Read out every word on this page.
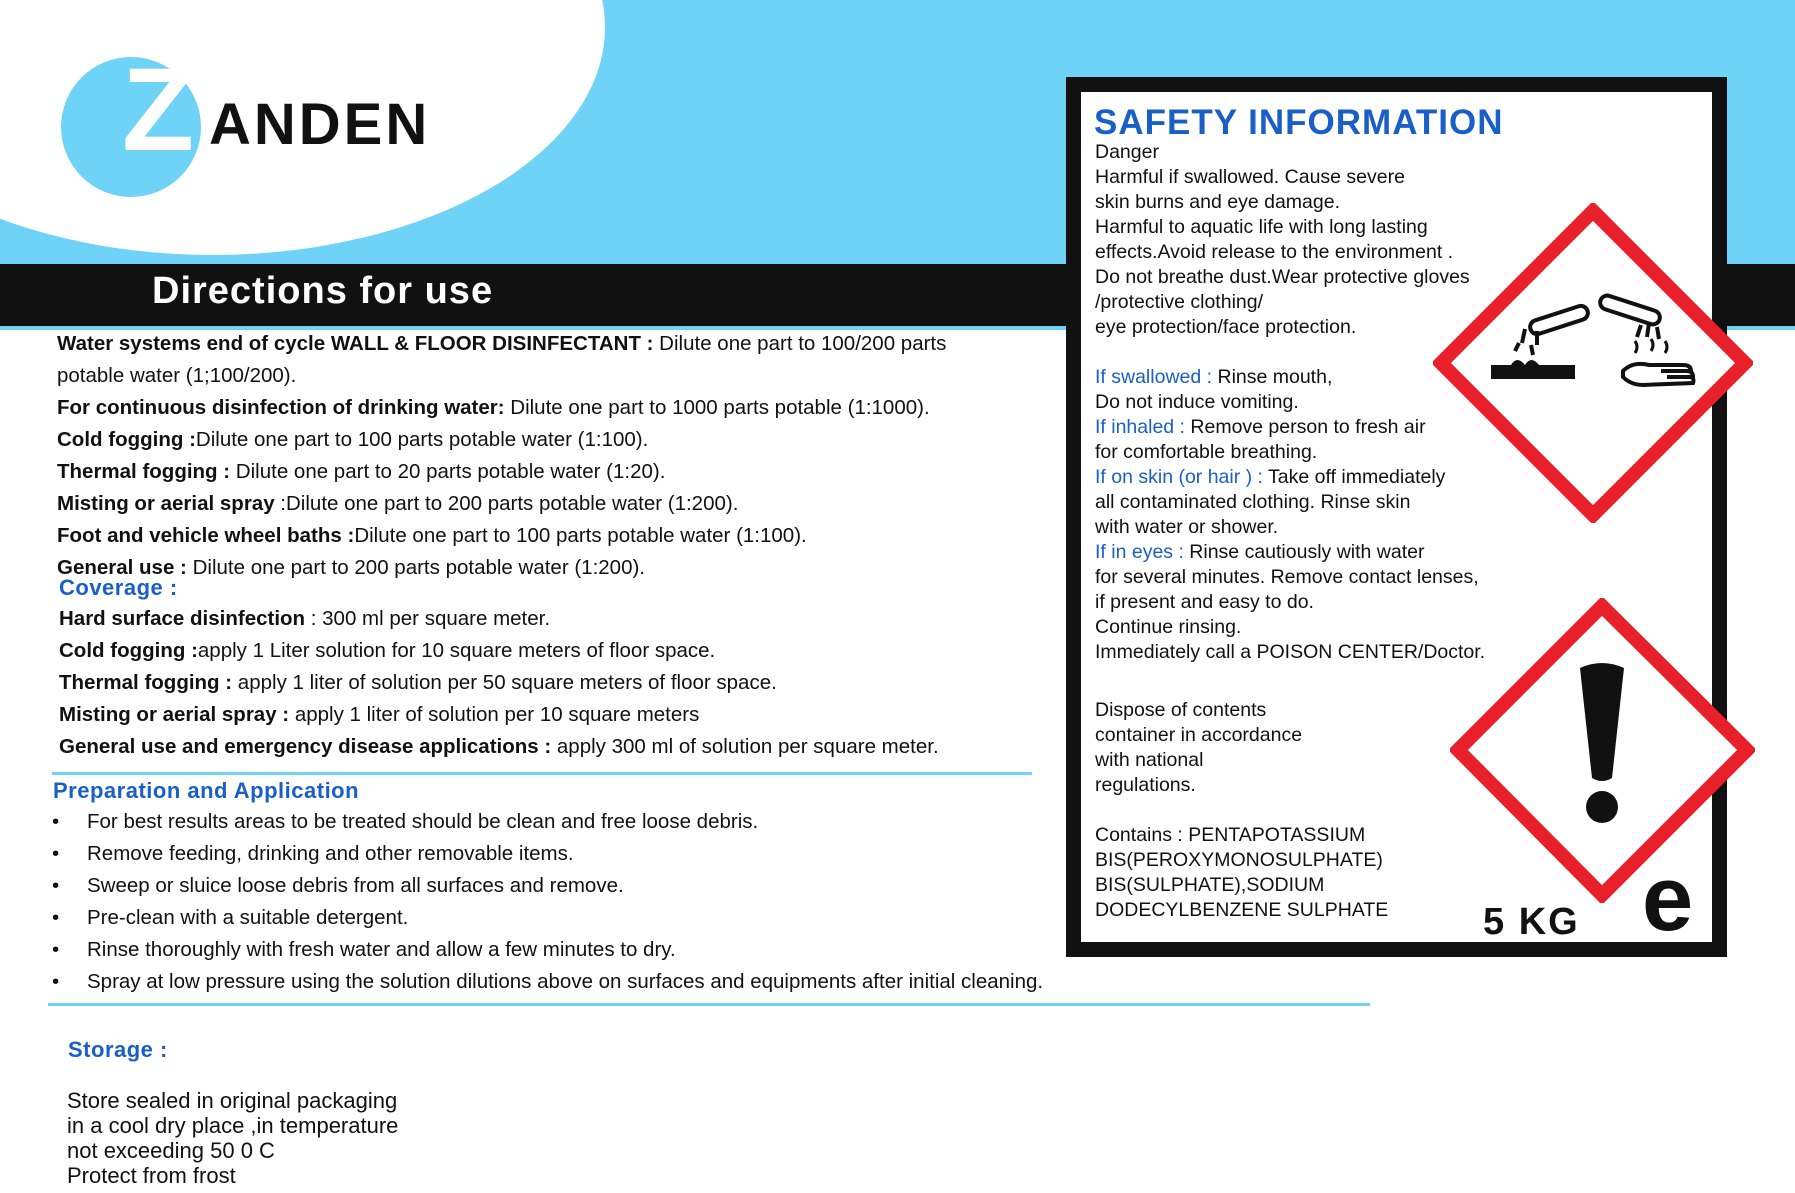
Z ANDEN
Directions for use
Water systems end of cycle WALL & FLOOR DISINFECTANT : Dilute one part to 100/200 parts
potable water (1;100/200).
For continuous disinfection of drinking water: Dilute one part to 1000 parts potable (1:1000).
Cold fogging :Dilute one part to 100 parts potable water (1:100).
Thermal fogging : Dilute one part to 20 parts potable water (1:20).
Misting or aerial spray :Dilute one part to 200 parts potable water (1:200).
Foot and vehicle wheel baths :Dilute one part to 100 parts potable water (1:100).
General use : Dilute one part to 200 parts potable water (1:200).
Coverage :
Hard surface disinfection : 300 ml per square meter.
Cold fogging :apply 1 Liter solution for 10 square meters of floor space.
Thermal fogging : apply 1 liter of solution per 50 square meters of floor space.
Misting or aerial spray : apply 1 liter of solution per 10 square meters
General use and emergency disease applications : apply 300 ml of solution per square meter.
Preparation and Application
• For best results areas to be treated should be clean and free loose debris.
• Remove feeding, drinking and other removable items.
• Sweep or sluice loose debris from all surfaces and remove.
• Pre-clean with a suitable detergent.
• Rinse thoroughly with fresh water and allow a few minutes to dry.
• Spray at low pressure using the solution dilutions above on surfaces and equipments after initial cleaning.
Storage :
Store sealed in original packaging
in a cool dry place ,in temperature
not exceeding 50 0 C
Protect from frost
SAFETY INFORMATION
Danger
Harmful if swallowed. Cause severe
skin burns and eye damage.
Harmful to aquatic life with long lasting
effects.Avoid release to the environment .
Do not breathe dust.Wear protective gloves
/protective clothing/
eye protection/face protection.
If swallowed : Rinse mouth,
Do not induce vomiting.
If inhaled : Remove person to fresh air
for comfortable breathing.
If on skin (or hair ) : Take off immediately
all contaminated clothing. Rinse skin
with water or shower.
If in eyes : Rinse cautiously with water
for several minutes. Remove contact lenses,
if present and easy to do.
Continue rinsing.
Immediately call a POISON CENTER/Doctor.
Dispose of contents
container in accordance
with national
regulations.
Contains : PENTAPOTASSIUM
BIS(PEROXYMONOSULPHATE)
BIS(SULPHATE),SODIUM
DODECYLBENZENE SULPHATE 5 KG e
